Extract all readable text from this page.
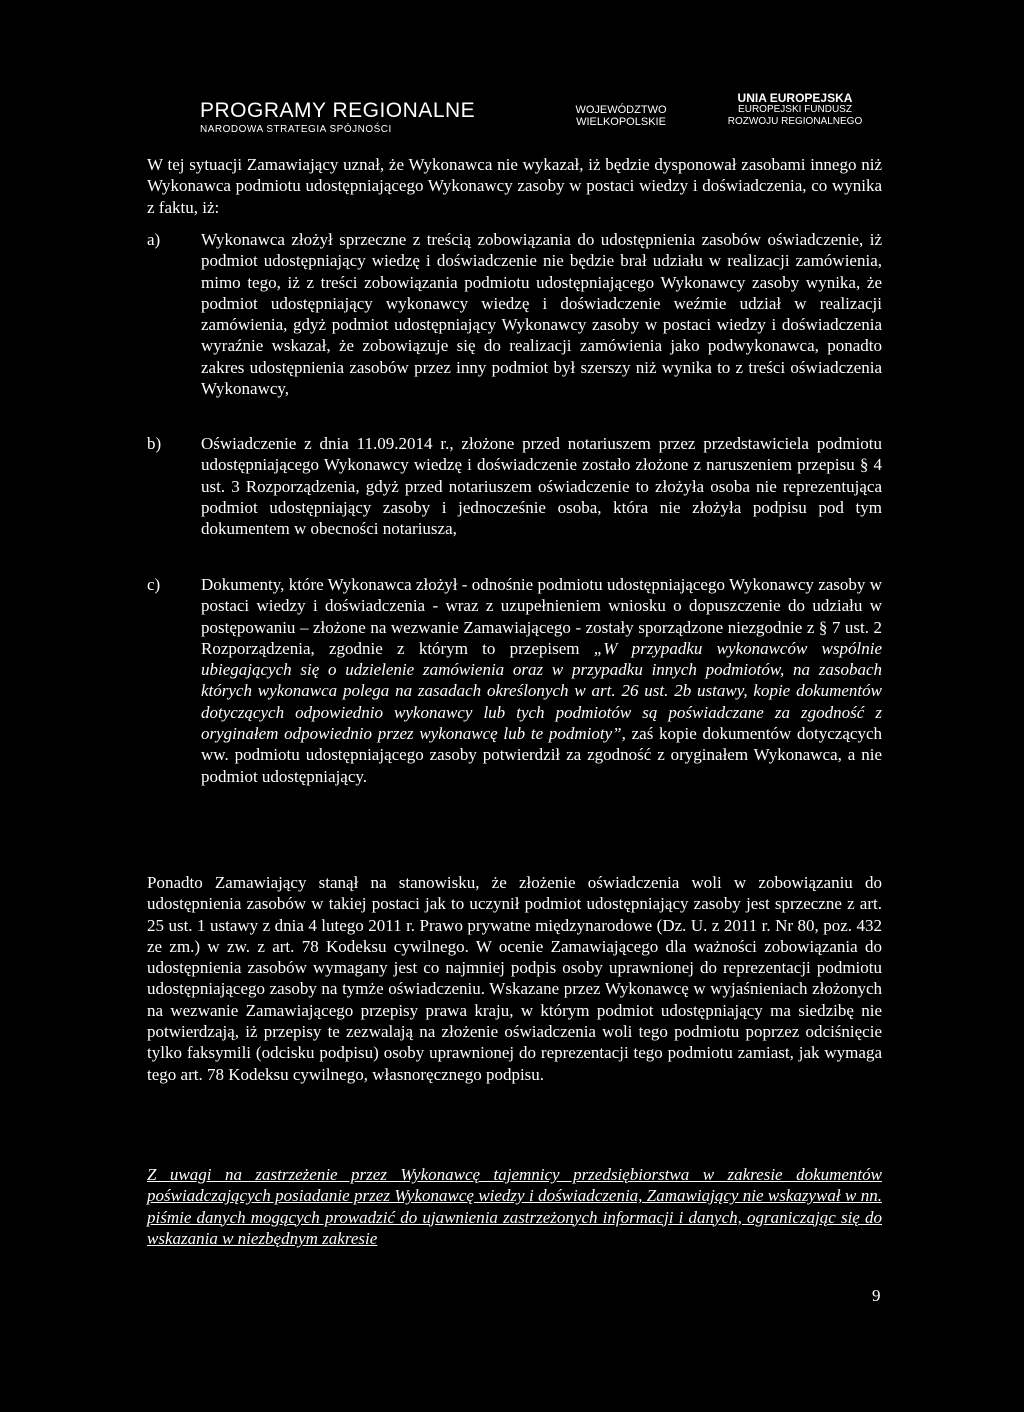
PROGRAMY REGIONALNE
NARODOWA STRATEGIA SPÓJNOŚCI
WOJEWÓDZTWO
WIELKOPOLSKIE
UNIA EUROPEJSKA
EUROPEJSKI FUNDUSZ
ROZWOJU REGIONALNEGO
W tej sytuacji Zamawiający uznał, że Wykonawca nie wykazał, iż będzie dysponował zasobami innego niż Wykonawca podmiotu udostępniającego Wykonawcy zasoby w postaci wiedzy i doświadczenia, co wynika z faktu, iż:
a)	Wykonawca złożył sprzeczne z treścią zobowiązania do udostępnienia zasobów oświadczenie, iż podmiot udostępniający wiedzę i doświadczenie nie będzie brał udziału w realizacji zamówienia, mimo tego, iż z treści zobowiązania podmiotu udostępniającego Wykonawcy zasoby wynika, że podmiot udostępniający wykonawcy wiedzę i doświadczenie weźmie udział w realizacji zamówienia, gdyż podmiot udostępniający Wykonawcy zasoby w postaci wiedzy i doświadczenia wyraźnie wskazał, że zobowiązuje się do realizacji zamówienia jako podwykonawca, ponadto zakres udostępnienia zasobów przez inny podmiot był szerszy niż wynika to z treści oświadczenia Wykonawcy,
b)	Oświadczenie z dnia 11.09.2014 r., złożone przed notariuszem przez przedstawiciela podmiotu udostępniającego Wykonawcy wiedzę i doświadczenie zostało złożone z naruszeniem przepisu § 4 ust. 3 Rozporządzenia, gdyż przed notariuszem oświadczenie to złożyła osoba nie reprezentująca podmiot udostępniający zasoby i jednocześnie osoba, która nie złożyła podpisu pod tym dokumentem w obecności notariusza,
c)	Dokumenty, które Wykonawca złożył - odnośnie podmiotu udostępniającego Wykonawcy zasoby w postaci wiedzy i doświadczenia - wraz z uzupełnieniem wniosku o dopuszczenie do udziału w postępowaniu – złożone na wezwanie Zamawiającego - zostały sporządzone niezgodnie z § 7 ust. 2 Rozporządzenia, zgodnie z którym to przepisem „W przypadku wykonawców wspólnie ubiegających się o udzielenie zamówienia oraz w przypadku innych podmiotów, na zasobach których wykonawca polega na zasadach określonych w art. 26 ust. 2b ustawy, kopie dokumentów dotyczących odpowiednio wykonawcy lub tych podmiotów są poświadczane za zgodność z oryginałem odpowiednio przez wykonawcę lub te podmioty”, zaś kopie dokumentów dotyczących ww. podmiotu udostępniającego zasoby potwierdził za zgodność z oryginałem Wykonawca, a nie podmiot udostępniający.
Ponadto Zamawiający stanął na stanowisku, że złożenie oświadczenia woli w zobowiązaniu do udostępnienia zasobów w takiej postaci jak to uczynił podmiot udostępniający zasoby jest sprzeczne z art. 25 ust. 1 ustawy z dnia 4 lutego 2011 r. Prawo prywatne międzynarodowe (Dz. U. z 2011 r. Nr 80, poz. 432 ze zm.) w zw. z art. 78 Kodeksu cywilnego. W ocenie Zamawiającego dla ważności zobowiązania do udostępnienia zasobów wymagany jest co najmniej podpis osoby uprawnionej do reprezentacji podmiotu udostępniającego zasoby na tymże oświadczeniu. Wskazane przez Wykonawcę w wyjaśnieniach złożonych na wezwanie Zamawiającego przepisy prawa kraju, w którym podmiot udostępniający ma siedzibę nie potwierdzają, iż przepisy te zezwalają na złożenie oświadczenia woli tego podmiotu poprzez odciśnięcie tylko faksymili (odcisku podpisu) osoby uprawnionej do reprezentacji tego podmiotu zamiast, jak wymaga tego art. 78 Kodeksu cywilnego, własnoręcznego podpisu.
Z uwagi na zastrzeżenie przez Wykonawcę tajemnicy przedsiębiorstwa w zakresie dokumentów poświadczających posiadanie przez Wykonawcę wiedzy i doświadczenia, Zamawiający nie wskazywał w nn. piśmie danych mogących prowadzić do ujawnienia zastrzeżonych informacji i danych, ograniczając się do wskazania w niezbędnym zakresie
9
